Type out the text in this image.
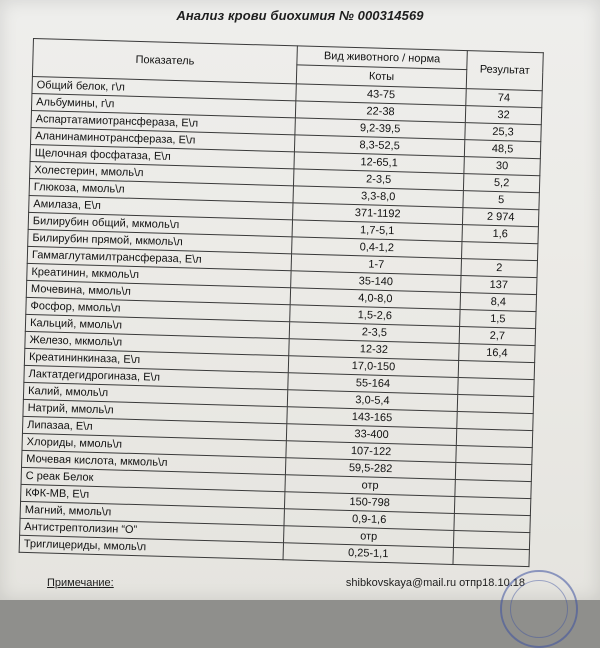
Анализ крови биохимия № 000314569
Показатель	Вид животного / норма	Результат
	Коты	
Общий белок, г\л	43-75	74
Альбумины, г\л	22-38	32
Аспартатамиотрансфераза, Е\л	9,2-39,5	25,3
Аланинаминотрансфераза, Е\л	8,3-52,5	48,5
Щелочная фосфатаза, Е\л	12-65,1	30
Холестерин, ммоль\л	2-3,5	5,2
Глюкоза, ммоль\л	3,3-8,0	5
Амилаза, Е\л	371-1192	2 974
Билирубин общий, мкмоль\л	1,7-5,1	1,6
Билирубин прямой, мкмоль\л	0,4-1,2	
Гаммаглутамилтрансфераза, Е\л	1-7	2
Креатинин, мкмоль\л	35-140	137
Мочевина, ммоль\л	4,0-8,0	8,4
Фосфор, ммоль\л	1,5-2,6	1,5
Кальций, ммоль\л	2-3,5	2,7
Железо, мкмоль\л	12-32	16,4
Креатининкиназа, Е\л	17,0-150	
Лактатдегидрогиназа, Е\л	55-164	
Калий, ммоль\л	3,0-5,4	
Натрий, ммоль\л	143-165	
Липазаа, Е\л	33-400	
Хлориды, ммоль\л	107-122	
Мочевая кислота, мкмоль\л	59,5-282	
С реак Белок	отр	
КФК-МВ, Е\л	150-798	
Магний, ммоль\л	0,9-1,6	
Антистрептолизин “О”	отр	
Триглицериды, ммоль\л	0,25-1,1	
Примечание:	shibkovskaya@mail.ru отпр18.10.18
